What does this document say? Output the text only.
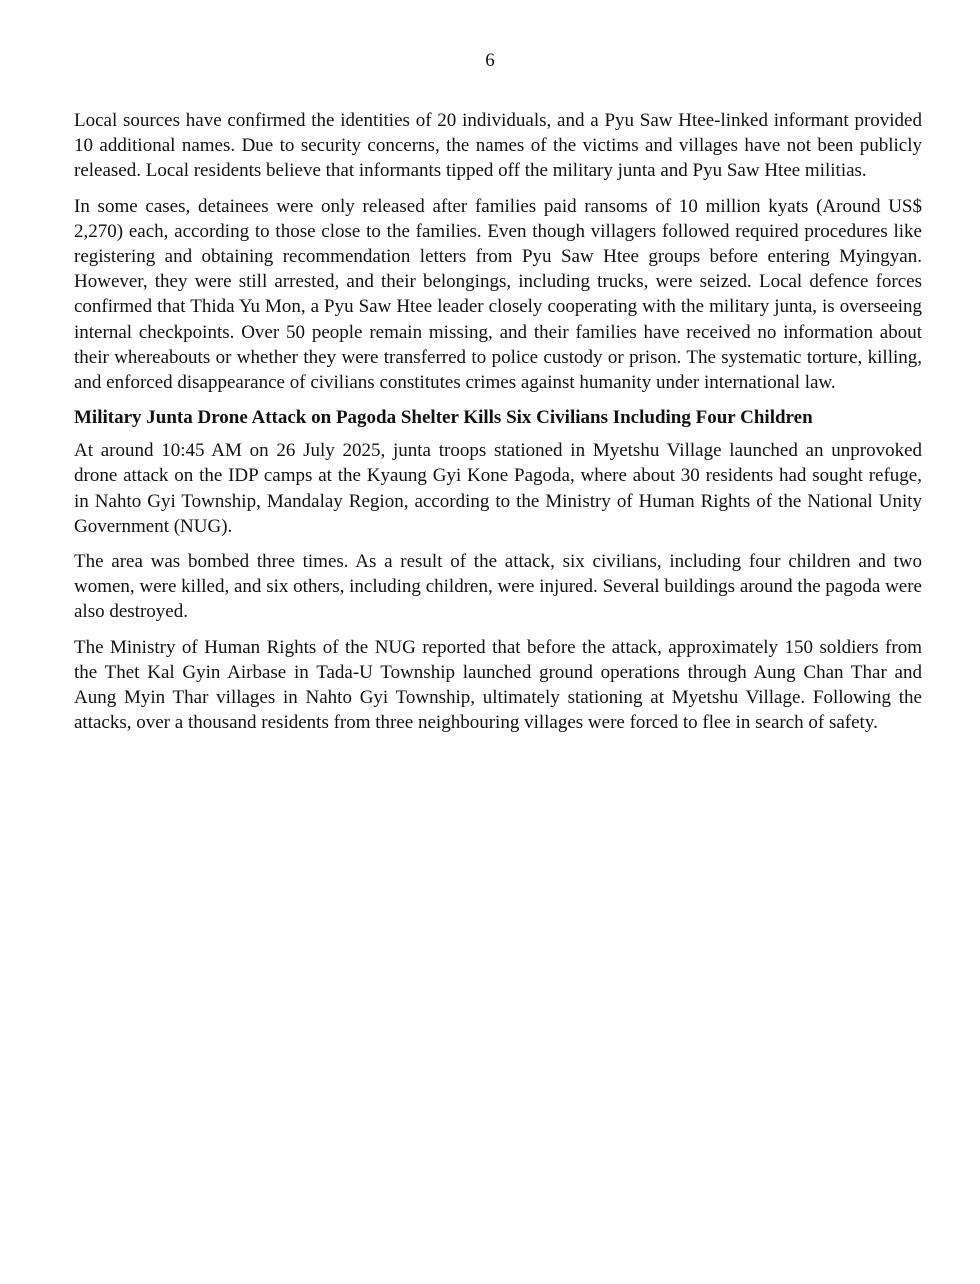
6

Local sources have confirmed the identities of 20 individuals, and a Pyu Saw Htee-linked informant provided 10 additional names. Due to security concerns, the names of the victims and villages have not been publicly released. Local residents believe that informants tipped off the military junta and Pyu Saw Htee militias.

In some cases, detainees were only released after families paid ransoms of 10 million kyats (Around US$ 2,270) each, according to those close to the families. Even though villagers followed required procedures like registering and obtaining recommendation letters from Pyu Saw Htee groups before entering Myingyan. However, they were still arrested, and their belongings, including trucks, were seized. Local defence forces confirmed that Thida Yu Mon, a Pyu Saw Htee leader closely cooperating with the military junta, is overseeing internal checkpoints. Over 50 people remain missing, and their families have received no information about their whereabouts or whether they were transferred to police custody or prison. The systematic torture, killing, and enforced disappearance of civilians constitutes crimes against humanity under international law.

Military Junta Drone Attack on Pagoda Shelter Kills Six Civilians Including Four Children

At around 10:45 AM on 26 July 2025, junta troops stationed in Myetshu Village launched an unprovoked drone attack on the IDP camps at the Kyaung Gyi Kone Pagoda, where about 30 residents had sought refuge, in Nahto Gyi Township, Mandalay Region, according to the Ministry of Human Rights of the National Unity Government (NUG).

The area was bombed three times. As a result of the attack, six civilians, including four children and two women, were killed, and six others, including children, were injured. Several buildings around the pagoda were also destroyed.

The Ministry of Human Rights of the NUG reported that before the attack, approximately 150 soldiers from the Thet Kal Gyin Airbase in Tada-U Township launched ground operations through Aung Chan Thar and Aung Myin Thar villages in Nahto Gyi Township, ultimately stationing at Myetshu Village. Following the attacks, over a thousand residents from three neighbouring villages were forced to flee in search of safety.
